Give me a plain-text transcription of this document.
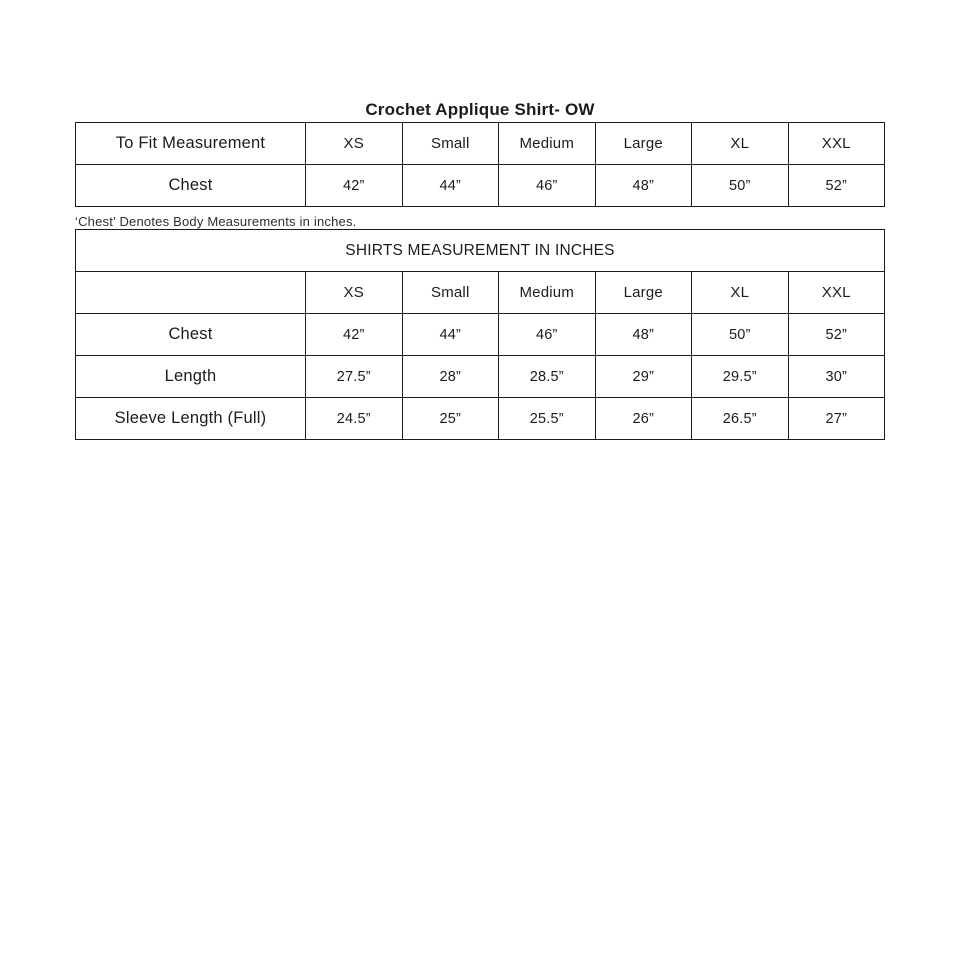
Crochet Applique Shirt- OW
To Fit Measurement	XS	Small	Medium	Large	XL	XXL
Chest	42”	44”	46”	48”	50”	52”

‘Chest’ Denotes Body Measurements in inches.

SHIRTS MEASUREMENT IN INCHES						
	XS	Small	Medium	Large	XL	XXL
Chest	42”	44”	46”	48”	50”	52”
Length	27.5”	28”	28.5”	29”	29.5”	30”
Sleeve Length (Full)	24.5”	25”	25.5”	26”	26.5”	27”
